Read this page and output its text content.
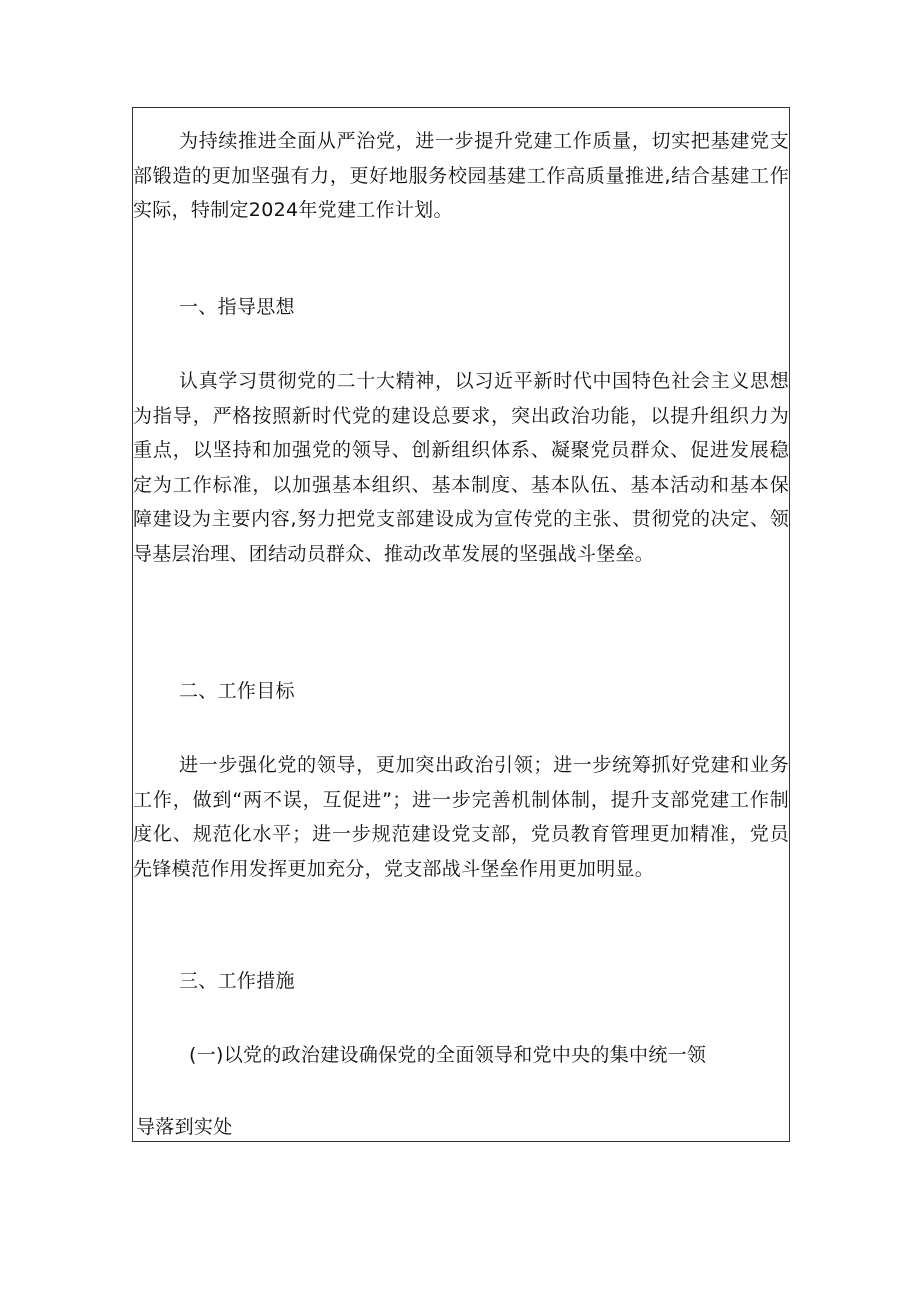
为持续推进全面从严治党，进一步提升党建工作质量，切实把基建党支部锻造的更加坚强有力，更好地服务校园基建工作高质量推进,结合基建工作实际，特制定2024年党建工作计划。

一、指导思想

认真学习贯彻党的二十大精神，以习近平新时代中国特色社会主义思想为指导，严格按照新时代党的建设总要求，突出政治功能，以提升组织力为重点，以坚持和加强党的领导、创新组织体系、凝聚党员群众、促进发展稳定为工作标准，以加强基本组织、基本制度、基本队伍、基本活动和基本保障建设为主要内容,努力把党支部建设成为宣传党的主张、贯彻党的决定、领导基层治理、团结动员群众、推动改革发展的坚强战斗堡垒。

二、工作目标

进一步强化党的领导，更加突出政治引领；进一步统筹抓好党建和业务工作，做到“两不误，互促进”；进一步完善机制体制，提升支部党建工作制度化、规范化水平；进一步规范建设党支部，党员教育管理更加精准，党员先锋模范作用发挥更加充分，党支部战斗堡垒作用更加明显。

三、工作措施

(一)以党的政治建设确保党的全面领导和党中央的集中统一领

导落到实处
